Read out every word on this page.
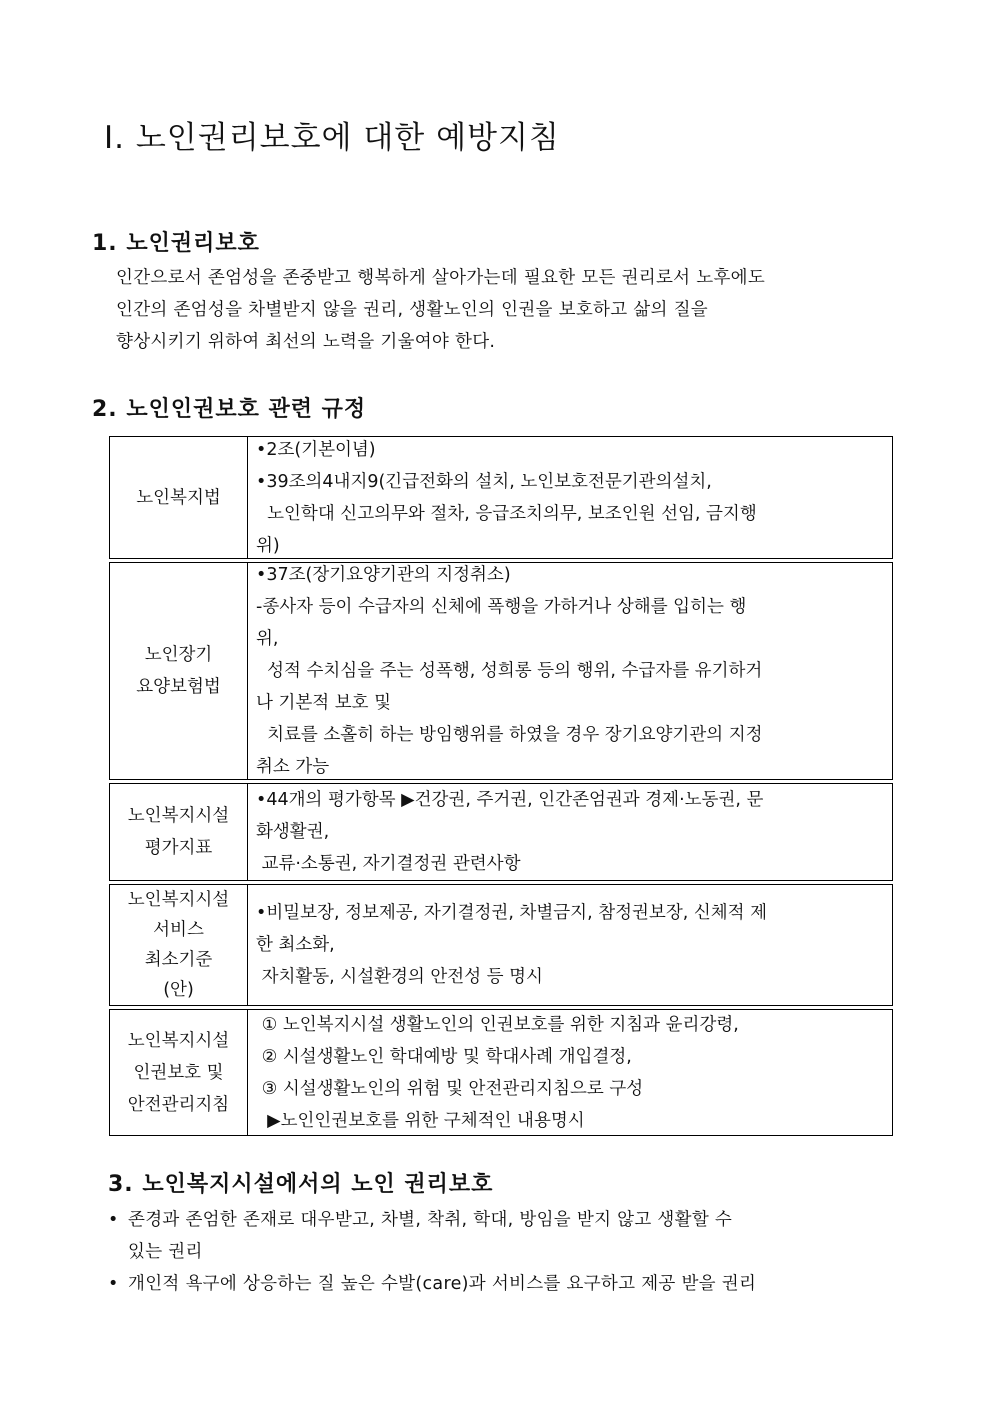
Ⅰ. 노인권리보호에 대한 예방지침
1. 노인권리보호
인간으로서 존엄성을 존중받고 행복하게 살아가는데 필요한 모든 권리로서 노후에도
인간의 존엄성을 차별받지 않을 권리, 생활노인의 인권을 보호하고 삶의 질을
향상시키기 위하여 최선의 노력을 기울여야 한다.
2. 노인인권보호 관련 규정
노인복지법
•2조(기본이념)
•39조의4내지9(긴급전화의 설치, 노인보호전문기관의설치,
노인학대 신고의무와 절차, 응급조치의무, 보조인원 선임, 금지행
위)
노인장기
요양보험법
•37조(장기요양기관의 지정취소)
-종사자 등이 수급자의 신체에 폭행을 가하거나 상해를 입히는 행
위,
성적 수치심을 주는 성폭행, 성희롱 등의 행위, 수급자를 유기하거
나 기본적 보호 및
치료를 소홀히 하는 방임행위를 하였을 경우 장기요양기관의 지정
취소 가능
노인복지시설
평가지표
•44개의 평가항목 ▶건강권, 주거권, 인간존엄권과 경제·노동권, 문
화생활권,
교류·소통권, 자기결정권 관련사항
노인복지시설
서비스
최소기준
(안)
•비밀보장, 정보제공, 자기결정권, 차별금지, 참정권보장, 신체적 제
한 최소화,
자치활동, 시설환경의 안전성 등 명시
노인복지시설
인권보호 및
안전관리지침
① 노인복지시설 생활노인의 인권보호를 위한 지침과 윤리강령,
② 시설생활노인 학대예방 및 학대사례 개입결정,
③ 시설생활노인의 위험 및 안전관리지침으로 구성
▶노인인권보호를 위한 구체적인 내용명시
3. 노인복지시설에서의 노인 권리보호
• 존경과 존엄한 존재로 대우받고, 차별, 착취, 학대, 방임을 받지 않고 생활할 수
있는 권리
• 개인적 욕구에 상응하는 질 높은 수발(care)과 서비스를 요구하고 제공 받을 권리
